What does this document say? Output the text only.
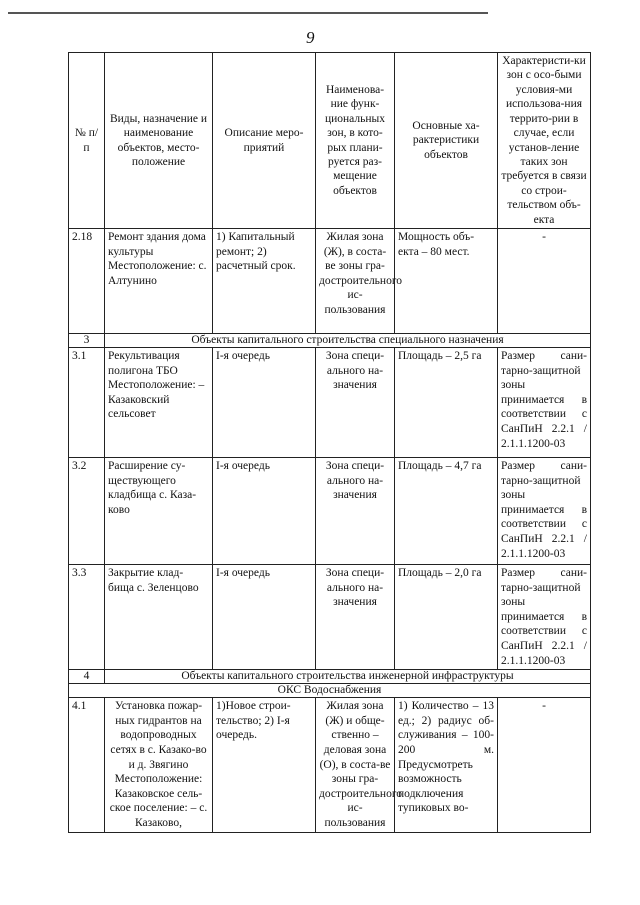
9
№ п/п	Виды, назначение и наименование объектов, место-положение	Описание меро-приятий	Наименова-ние функ-циональных зон, в кото-рых плани-руется раз-мещение объектов	Основные ха-рактеристики объектов	Характеристи-ки зон с осо-быми условия-ми использова-ния террито-рии в случае, если установ-ление таких зон требуется в связи со строи-тельством объ-екта
2.18	Ремонт здания дома культуры Местоположение: с. Алтунино	1) Капитальный ремонт; 2) расчетный срок.	Жилая зона (Ж), в соста-ве зоны гра-достроительного ис-пользования	Мощность объ-екта – 80 мест.	-
3	Объекты капитального строительства специального назначения				
3.1	Рекультивация полигона ТБО Местоположение: – Казаковский сельсовет	I-я очередь	Зона специ-ального на-значения	Площадь – 2,5 га	Размер сани-тарно-защитной зоны принимается в соответствии с СанПиН 2.2.1 / 2.1.1.1200-03
3.2	Расширение су-ществующего кладбища с. Каза-ково	I-я очередь	Зона специ-ального на-значения	Площадь – 4,7 га	Размер сани-тарно-защитной зоны принимается в соответствии с СанПиН 2.2.1 / 2.1.1.1200-03
3.3	Закрытие клад-бища с. Зеленцово	I-я очередь	Зона специ-ального на-значения	Площадь – 2,0 га	Размер сани-тарно-защитной зоны принимается в соответствии с СанПиН 2.2.1 / 2.1.1.1200-03
4	Объекты капитального строительства инженерной инфраструктуры				
ОКС Водоснабжения					
4.1	Установка пожар-ных гидрантов на водопроводных сетях в с. Казако-во и д. Звягино Местоположение: Казаковское сель-ское поселение: – с. Казаково,	1)Новое строи-тельство; 2) I-я очередь.	Жилая зона (Ж) и обще-ственно – деловая зона (О), в соста-ве зоны гра-достроительного ис-пользования	1) Количество – 13 ед.; 2) радиус об-служивания – 100-200 м. Предусмотреть возможность подключения тупиковых во-	-
